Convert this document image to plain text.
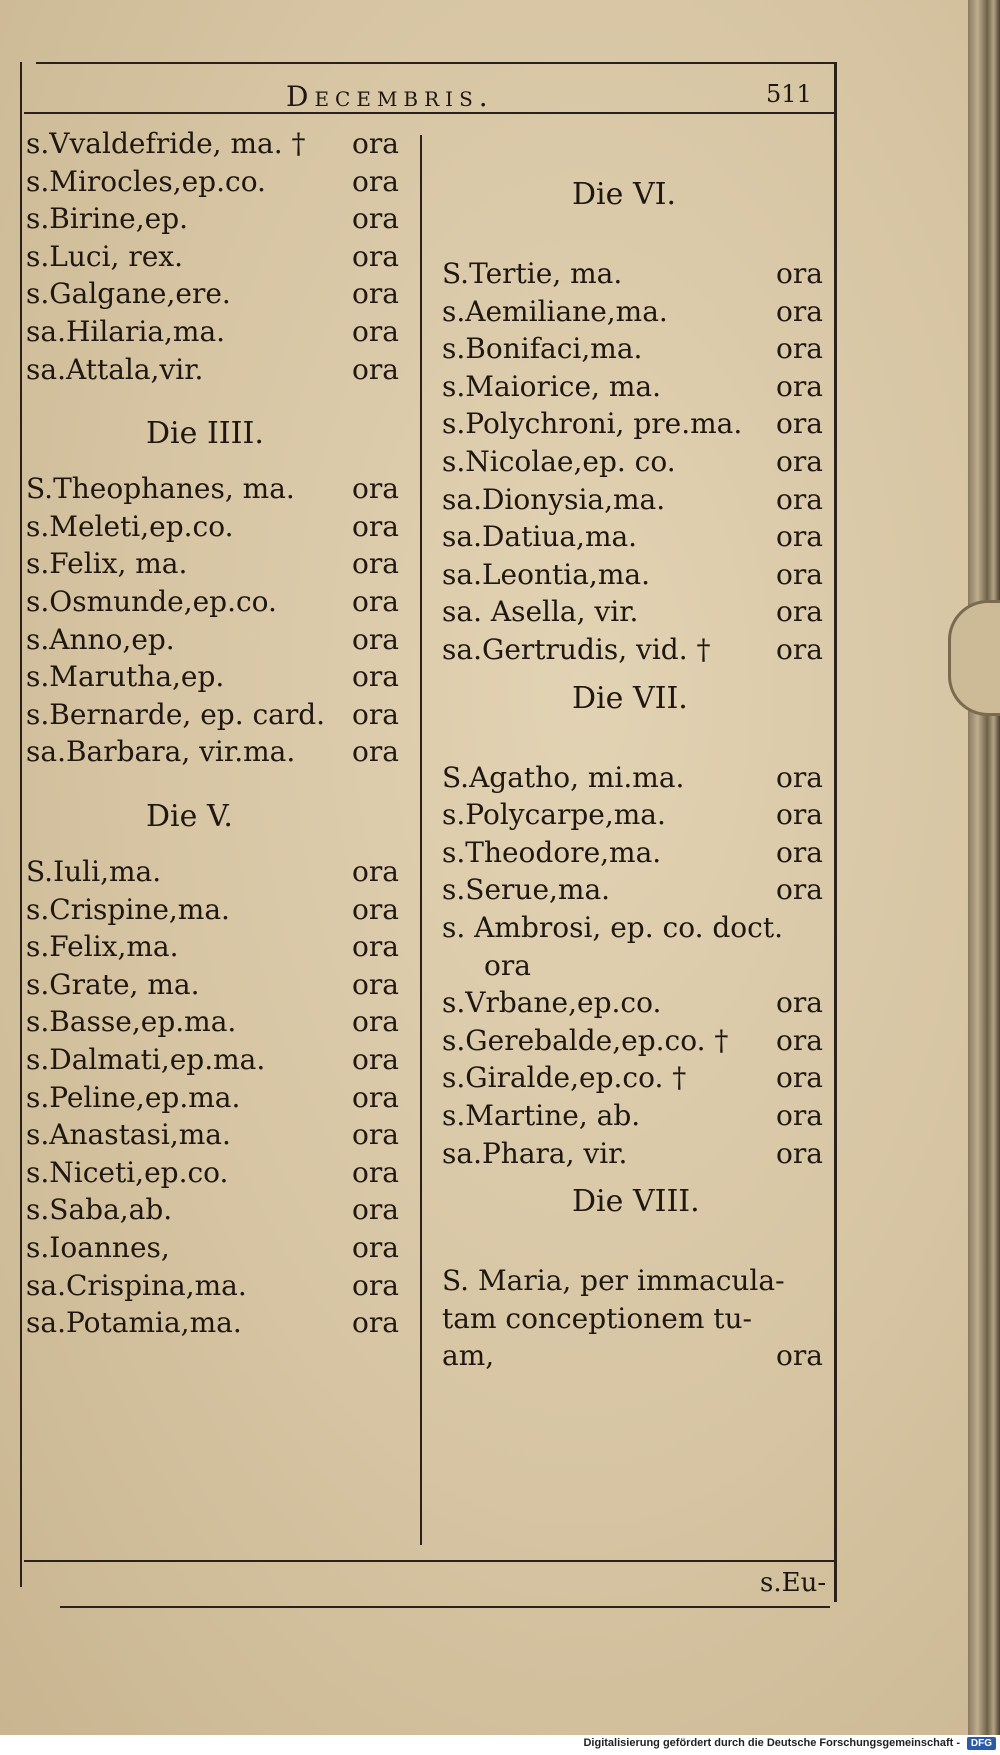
Decembris.	511
s.Vvaldefride, ma. † ora
s.Mirocles,ep.co.	ora
s.Birine,ep.	ora
s.Luci, rex.	ora
s.Galgane,ere.	ora
sa.Hilaria,ma.	ora
sa.Attala,vir.	ora
Die IIII.
S.Theophanes, ma. ora
s.Meleti,ep.co.	ora
s.Felix, ma.	ora
s.Osmunde,ep.co.	ora
s.Anno,ep.	ora
s.Marutha,ep.	ora
s.Bernarde, ep. card. ora
sa.Barbara, vir.ma. ora
Die V.
S.Iuli,ma.	ora
s.Crispine,ma.	ora
s.Felix,ma.	ora
s.Grate, ma.	ora
s.Basse,ep.ma.	ora
s.Dalmati,ep.ma.	ora
s.Peline,ep.ma.	ora
s.Anastasi,ma.	ora
s.Niceti,ep.co.	ora
s.Saba,ab.	ora
s.Ioannes,	ora
sa.Crispina,ma.	ora
sa.Potamia,ma.	ora
Die VI.
S.Tertie, ma.	ora
s.Aemiliane,ma.	ora
s.Bonifaci,ma.	ora
s.Maiorice, ma.	ora
s.Polychroni, pre.ma. ora
s.Nicolae,ep. co.	ora
sa.Dionysia,ma.	ora
sa.Datiua,ma.	ora
sa.Leontia,ma.	ora
sa. Asella, vir.	ora
sa.Gertrudis, vid. † ora
Die VII.
S.Agatho, mi.ma.	ora
s.Polycarpe,ma.	ora
s.Theodore,ma.	ora
s.Serue,ma.	ora
s. Ambrosi, ep. co. doct.
ora
s.Vrbane,ep.co.	ora
s.Gerebalde,ep.co. † ora
s.Giralde,ep.co. †	ora
s.Martine, ab.	ora
sa.Phara, vir.	ora
Die VIII.
S. Maria, per immacula-
tam conceptionem tu-
am,	ora
s.Eu-
Digitalisierung gefördert durch die Deutsche Forschungsgemeinschaft -	DFG
